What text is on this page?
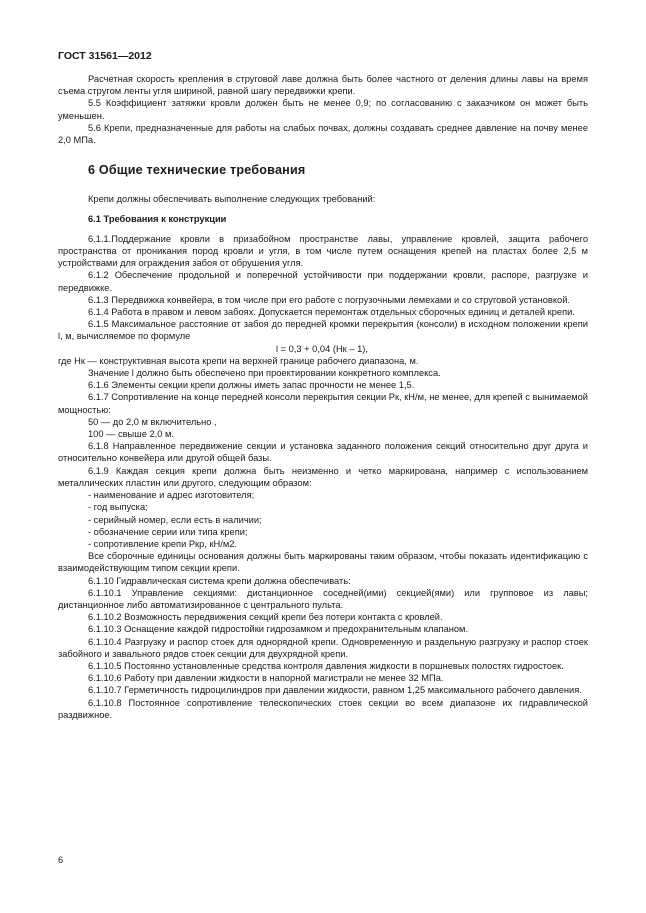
ГОСТ 31561—2012

Расчетная скорость крепления в струговой лаве должна быть более частного от деления длины лавы на время съема стругом ленты угля шириной, равной шагу передвижки крепи.

5.5 Коэффициент затяжки кровли должен быть не менее 0,9; по согласованию с заказчиком он может быть уменьшен.

5.6 Крепи, предназначенные для работы на слабых почвах, должны создавать среднее давление на почву менее 2,0 МПа.

6 Общие технические требования

Крепи должны обеспечивать выполнение следующих требований:

6.1 Требования к конструкции

6.1.1.Поддержание кровли в призабойном пространстве лавы, управление кровлей, защита рабочего пространства от проникания пород кровли и угля, в том числе путем оснащения крепей на пластах более 2,5 м устройствами для ограждения забоя от обрушения угля.

6.1.2 Обеспечение продольной и поперечной устойчивости при поддержании кровли, распоре, разгрузке и передвижке.

6.1.3 Передвижка конвейера, в том числе при его работе с погрузочными лемехами и со струговой установкой.

6.1.4 Работа в правом и левом забоях. Допускается перемонтаж отдельных сборочных единиц и деталей крепи.

6.1.5 Максимальное расстояние от забоя до передней кромки перекрытия (консоли) в исходном положении крепи l, м, вычисляемое по формуле

l = 0,3 + 0,04 (Hк – 1),

где Hк — конструктивная высота крепи на верхней границе рабочего диапазона, м.

Значение l должно быть обеспечено при проектировании конкретного комплекса.

6.1.6 Элементы секции крепи должны иметь запас прочности не менее 1,5.

6.1.7 Сопротивление на конце передней консоли перекрытия секции Pк, кН/м, не менее, для крепей с вынимаемой мощностью:

50 — до 2,0 м включительно ,

100 — свыше 2,0 м.

6.1.8 Направленное передвижение секции и установка заданного положения секций относительно друг друга и относительно конвейера или другой общей базы.

6.1.9 Каждая секция крепи должна быть неизменно и четко маркирована, например с использованием металлических пластин или другого, следующим образом:

- наименование и адрес изготовителя;

- год выпуска;

- серийный номер, если есть в наличии;

- обозначение серии или типа крепи;

- сопротивление крепи Pкр, кН/м2.

Все сборочные единицы основания должны быть маркированы таким образом, чтобы показать идентификацию с взаимодействующим типом секции крепи.

6.1.10 Гидравлическая система крепи должна обеспечивать:

6.1.10.1 Управление секциями: дистанционное соседней(ими) секцией(ями) или групповое из лавы; дистанционное либо автоматизированное с центрального пульта.

6.1.10.2 Возможность передвижения секций крепи без потери контакта с кровлей.

6.1.10.3 Оснащение каждой гидростойки гидрозамком и предохранительным клапаном.

6.1.10.4 Разгрузку и распор стоек для однорядной крепи. Одновременную и раздельную разгрузку и распор стоек забойного и завального рядов стоек секции для двухрядной крепи.

6.1.10.5 Постоянно установленные средства контроля давления жидкости в поршневых полостях гидростоек.

6.1.10.6 Работу при давлении жидкости в напорной магистрали не менее 32 МПа.

6.1.10.7 Герметичность гидроцилиндров при давлении жидкости, равном 1,25 максимального рабочего давления.

6.1.10.8 Постоянное сопротивление телескопических стоек секции во всем диапазоне их гидравлической раздвижное.

6
